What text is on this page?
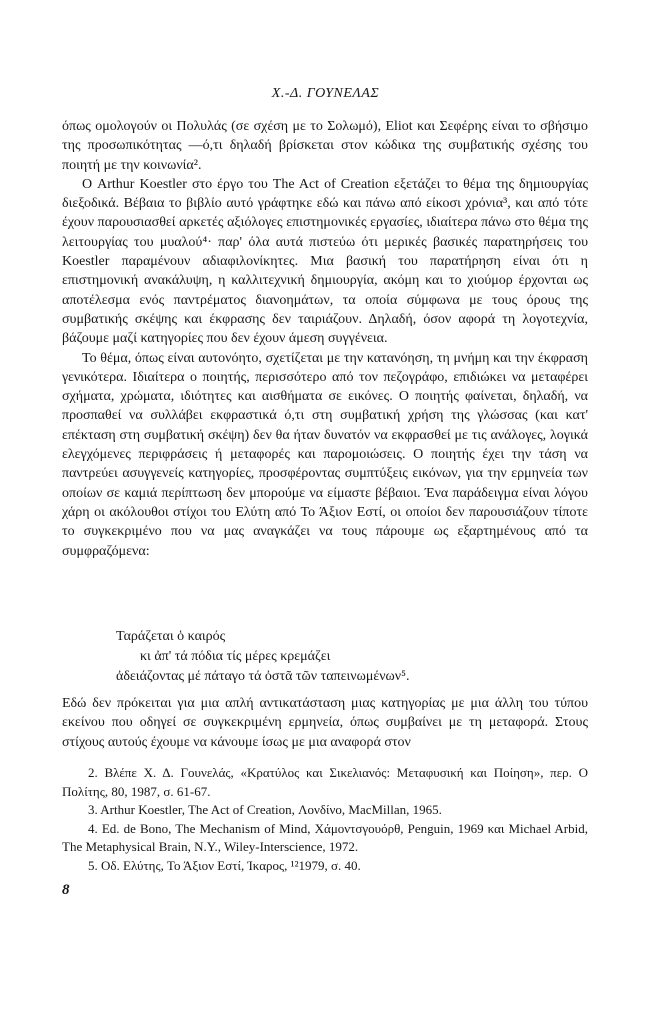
Χ.-Δ. ΓΟΥΝΕΛΑΣ

όπως ομολογούν οι Πολυλάς (σε σχέση με το Σολωμό), Eliot και Σεφέρης είναι το σβήσιμο της προσωπικότητας —ό,τι δηλαδή βρίσκεται στον κώδικα της συμβατικής σχέσης του ποιητή με την κοινωνία².

Ο Arthur Koestler στο έργο του The Act of Creation εξετάζει το θέμα της δημιουργίας διεξοδικά. Βέβαια το βιβλίο αυτό γράφτηκε εδώ και πάνω από είκοσι χρόνια³, και από τότε έχουν παρουσιασθεί αρκετές αξιόλογες επιστημονικές εργασίες, ιδιαίτερα πάνω στο θέμα της λειτουργίας του μυαλού⁴· παρ' όλα αυτά πιστεύω ότι μερικές βασικές παρατηρήσεις του Koestler παραμένουν αδιαφιλονίκητες. Μια βασική του παρατήρηση είναι ότι η επιστημονική ανακάλυψη, η καλλιτεχνική δημιουργία, ακόμη και το χιούμορ έρχονται ως αποτέλεσμα ενός παντρέματος διανοημάτων, τα οποία σύμφωνα με τους όρους της συμβατικής σκέψης και έκφρασης δεν ταιριάζουν. Δηλαδή, όσον αφορά τη λογοτεχνία, βάζουμε μαζί κατηγορίες που δεν έχουν άμεση συγγένεια.

Το θέμα, όπως είναι αυτονόητο, σχετίζεται με την κατανόηση, τη μνήμη και την έκφραση γενικότερα. Ιδιαίτερα ο ποιητής, περισσότερο από τον πεζογράφο, επιδιώκει να μεταφέρει σχήματα, χρώματα, ιδιότητες και αισθήματα σε εικόνες. Ο ποιητής φαίνεται, δηλαδή, να προσπαθεί να συλλάβει εκφραστικά ό,τι στη συμβατική χρήση της γλώσσας (και κατ' επέκταση στη συμβατική σκέψη) δεν θα ήταν δυνατόν να εκφρασθεί με τις ανάλογες, λογικά ελεγχόμενες περιφράσεις ή μεταφορές και παρομοιώσεις. Ο ποιητής έχει την τάση να παντρεύει ασυγγενείς κατηγορίες, προσφέροντας συμπτύξεις εικόνων, για την ερμηνεία των οποίων σε καμιά περίπτωση δεν μπορούμε να είμαστε βέβαιοι. Ένα παράδειγμα είναι λόγου χάρη οι ακόλουθοι στίχοι του Ελύτη από Το Άξιον Εστί, οι οποίοι δεν παρουσιάζουν τίποτε το συγκεκριμένο που να μας αναγκάζει να τους πάρουμε ως εξαρτημένους από τα συμφραζόμενα:

Ταράζεται ὁ καιρός
κι ἀπ' τά πόδια τίς μέρες κρεμάζει
ἀδειάζοντας μέ πάταγο τά ὀστᾶ τῶν ταπεινωμένων⁵.

Εδώ δεν πρόκειται για μια απλή αντικατάσταση μιας κατηγορίας με μια άλλη του τύπου εκείνου που οδηγεί σε συγκεκριμένη ερμηνεία, όπως συμβαίνει με τη μεταφορά. Στους στίχους αυτούς έχουμε να κάνουμε ίσως με μια αναφορά στον

2. Βλέπε Χ. Δ. Γουνελάς, «Κρατύλος και Σικελιανός: Μεταφυσική και Ποίηση», περ. Ο Πολίτης, 80, 1987, σ. 61-67.
3. Arthur Koestler, The Act of Creation, Λονδίνο, MacMillan, 1965.
4. Ed. de Bono, The Mechanism of Mind, Χάμοντσγουόρθ, Penguin, 1969 και Michael Arbid, The Metaphysical Brain, N.Y., Wiley-Interscience, 1972.
5. Οδ. Ελύτης, Το Άξιον Εστί, Ίκαρος, ¹²1979, σ. 40.
8
